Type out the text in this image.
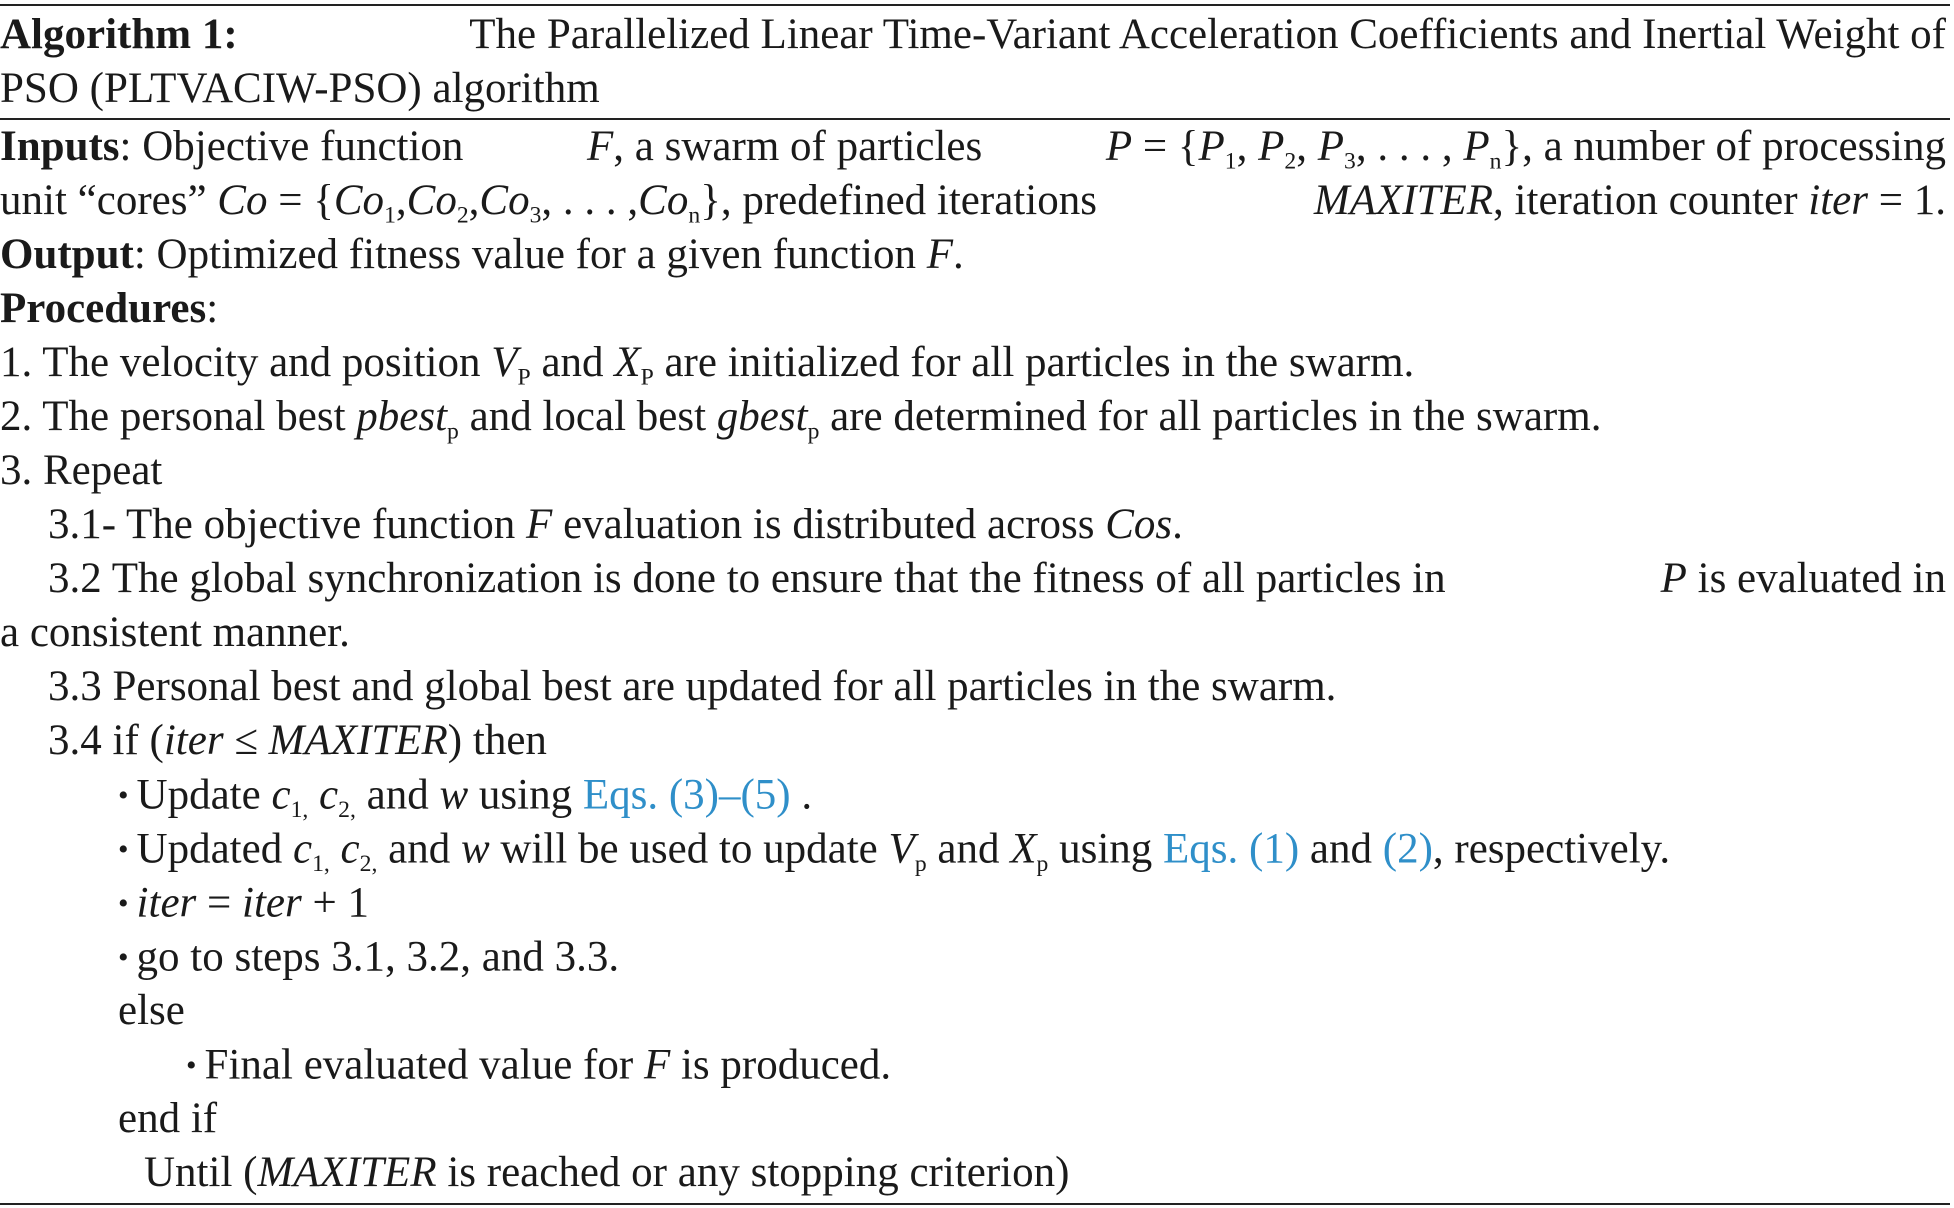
Algorithm 1:	The Parallelized Linear Time-Variant Acceleration Coefficients and Inertial Weight of
PSO (PLTVACIW-PSO) algorithm
Inputs: Objective function	F, a swarm of particles	$P = \{P_1$, $P_2$, $P_3$, . . . , $P_n$}, a number of processing
unit “cores” $Co = \{Co_1,Co_2,Co_3$, . . . $,Co_n$}, predefined iterations	MAXITER, iteration counter iter = 1.
Output: Optimized fitness value for a given function F.
Procedures:
1. The velocity and position $V_P$ and $X_P$ are initialized for all particles in the swarm.
2. The personal best pbest$_p$ and local best gbest$_p$ are determined for all particles in the swarm.
3. Repeat
3.1- The objective function F evaluation is distributed across Cos.
3.2 The global synchronization is done to ensure that the fitness of all particles in	P is evaluated in
a consistent manner.
3.3 Personal best and global best are updated for all particles in the swarm.
3.4 if (iter ≤ MAXITER) then
• Update $c_{1,}$ $c_{2,}$ and w using Eqs. (3)–(5) .
• Updated $c_{1,}$ $c_{2,}$ and w will be used to update $V_p$ and $X_p$ using Eqs. (1) and (2), respectively.
• iter = iter + 1
• go to steps 3.1, 3.2, and 3.3.
else
• Final evaluated value for F is produced.
end if
Until (MAXITER is reached or any stopping criterion)
